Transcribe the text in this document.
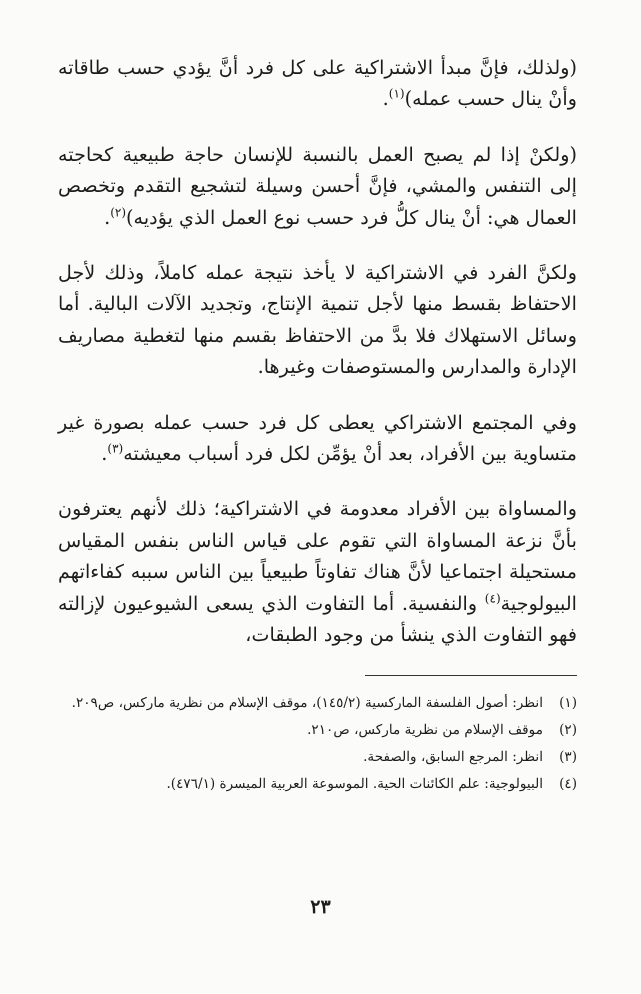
(ولذلك، فإنَّ مبدأ الاشتراكية على كل فرد أنَّ يؤدي حسب طاقاته وأنْ ينال حسب عمله)$^{(١)}$.

(ولكنْ إذا لم يصبح العمل بالنسبة للإنسان حاجة طبيعية كحاجته إلى التنفس والمشي، فإنَّ أحسن وسيلة لتشجيع التقدم وتخصص العمال هي: أنْ ينال كلُّ فرد حسب نوع العمل الذي يؤديه)$^{(٢)}$.

ولكنَّ الفرد في الاشتراكية لا يأخذ نتيجة عمله كاملاً، وذلك لأجل الاحتفاظ بقسط منها لأجل تنمية الإنتاج، وتجديد الآلات البالية. أما وسائل الاستهلاك فلا بدَّ من الاحتفاظ بقسم منها لتغطية مصاريف الإدارة والمدارس والمستوصفات وغيرها.

وفي المجتمع الاشتراكي يعطى كل فرد حسب عمله بصورة غير متساوية بين الأفراد، بعد أنْ يؤمِّن لكل فرد أسباب معيشته$^{(٣)}$.

والمساواة بين الأفراد معدومة في الاشتراكية؛ ذلك لأنهم يعترفون بأنَّ نزعة المساواة التي تقوم على قياس الناس بنفس المقياس مستحيلة اجتماعيا لأنَّ هناك تفاوتاً طبيعياً بين الناس سببه كفاءاتهم البيولوجية$^{(٤)}$ والنفسية. أما التفاوت الذي يسعى الشيوعيون لإزالته فهو التفاوت الذي ينشأ من وجود الطبقات،

(١)
انظر: أصول الفلسفة الماركسية (١٤٥/٢)، موقف الإسلام من نظرية ماركس، ص٢٠٩.
(٢)
موقف الإسلام من نظرية ماركس، ص٢١٠.
(٣)
انظر: المرجع السابق، والصفحة.
(٤)
البيولوجية: علم الكائنات الحية. الموسوعة العربية الميسرة (٤٧٦/١).
٢٣
